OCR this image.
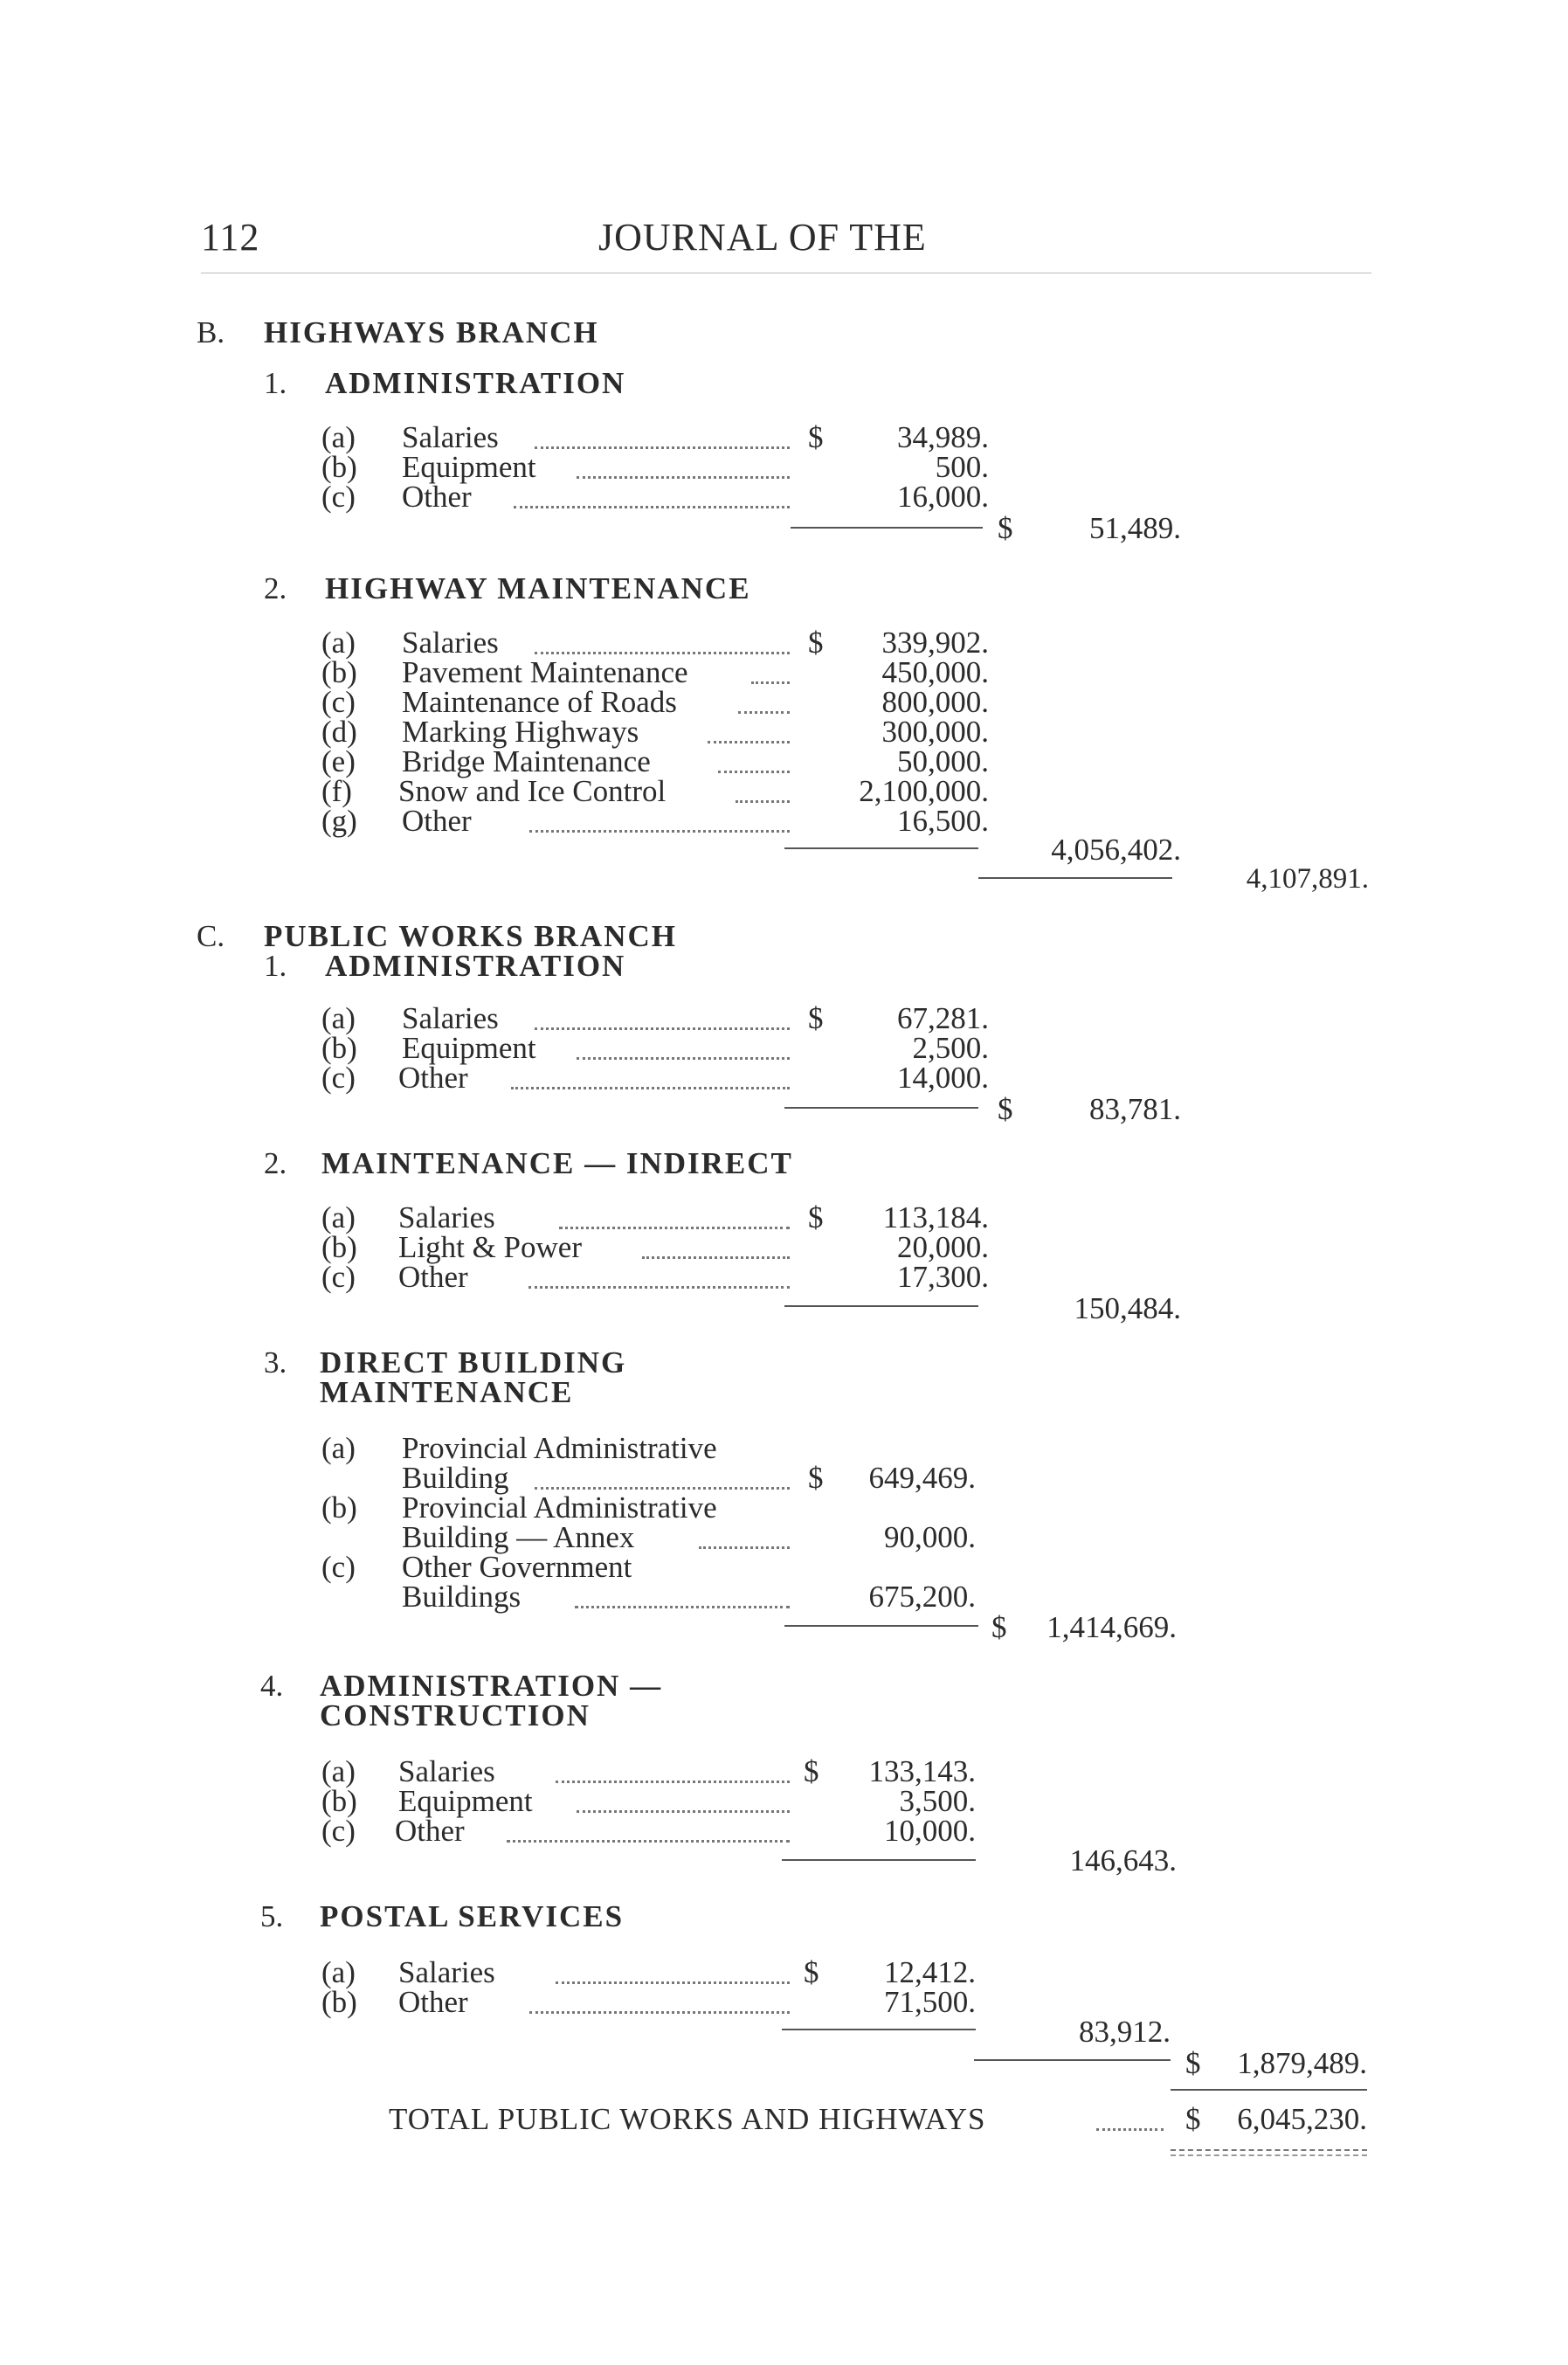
112	JOURNAL OF THE
B. HIGHWAYS BRANCH
1. ADMINISTRATION
(a) Salaries	$ 34,989.
(b) Equipment	500.
(c) Other	16,000.
$	51,489.
2. HIGHWAY MAINTENANCE
(a) Salaries	$ 339,902.
(b) Pavement Maintenance	450,000.
(c) Maintenance of Roads	800,000.
(d) Marking Highways	300,000.
(e) Bridge Maintenance	50,000.
(f) Snow and Ice Control	2,100,000.
(g) Other	16,500.
4,056,402.
4,107,891.
C. PUBLIC WORKS BRANCH
1. ADMINISTRATION
(a) Salaries	$ 67,281.
(b) Equipment	2,500.
(c) Other	14,000.
$	83,781.
2. MAINTENANCE — INDIRECT
(a) Salaries	$ 113,184.
(b) Light & Power	20,000.
(c) Other	17,300.
150,484.
3. DIRECT BUILDING
MAINTENANCE
(a) Provincial Administrative
Building	$ 649,469.
(b) Provincial Administrative
Building — Annex	90,000.
(c) Other Government
Buildings	675,200.
$ 1,414,669.
4. ADMINISTRATION —
CONSTRUCTION
(a) Salaries	$ 133,143.
(b) Equipment	3,500.
(c) Other	10,000.
146,643.
5. POSTAL SERVICES
(a) Salaries	$ 12,412.
(b) Other	71,500.
83,912.
$ 1,879,489.
TOTAL PUBLIC WORKS AND HIGHWAYS	$ 6,045,230.
